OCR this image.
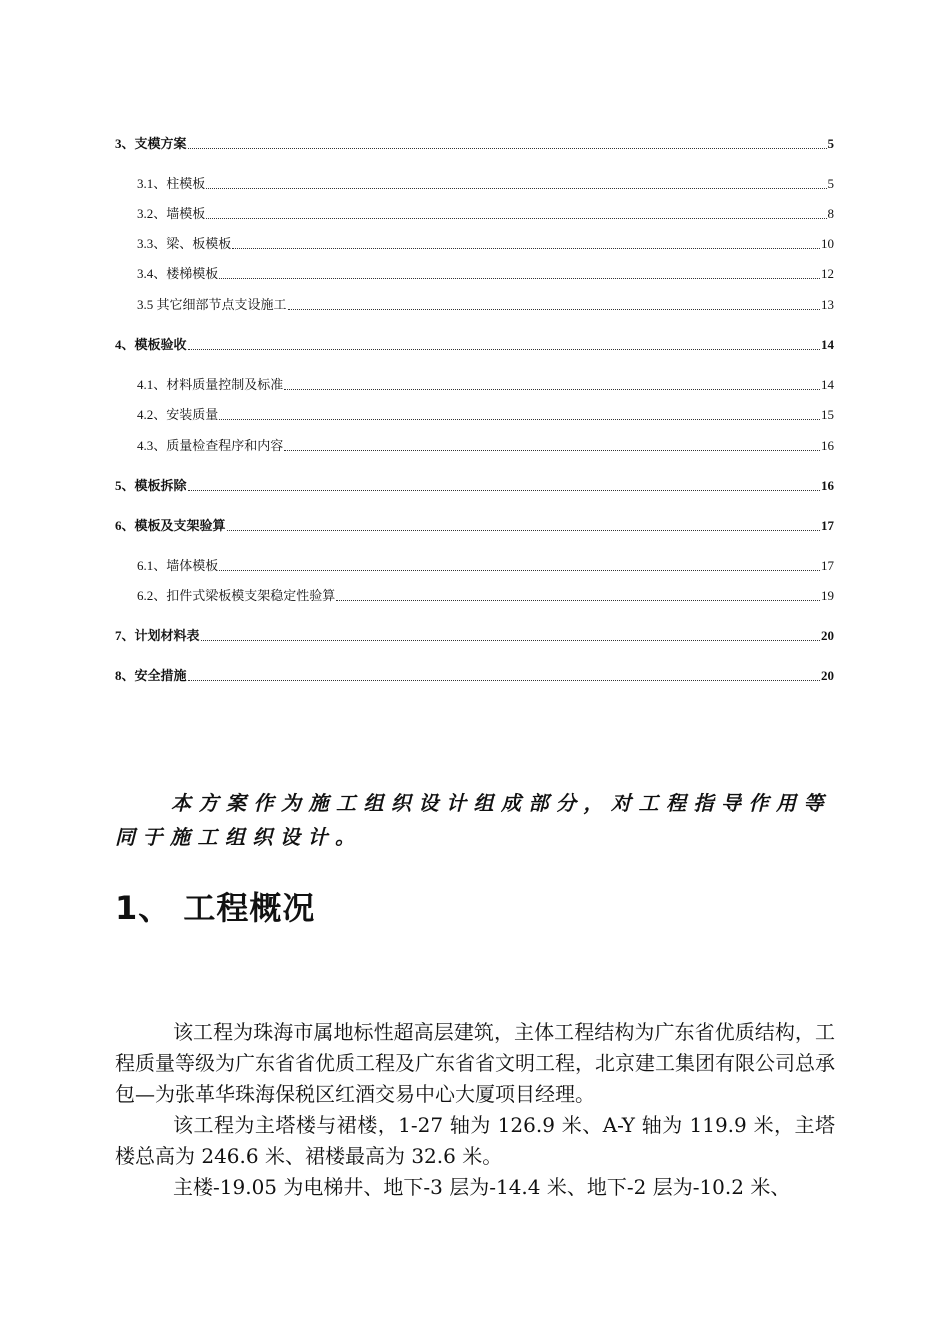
3、支模方案	5
3.1、柱模板	5
3.2、墙模板	8
3.3、梁、板模板	10
3.4、楼梯模板	12
3.5 其它细部节点支设施工	13
4、模板验收	14
4.1、材料质量控制及标准	14
4.2、安装质量	15
4.3、质量检查程序和内容	16
5、模板拆除	16
6、模板及支架验算	17
6.1、墙体模板	17
6.2、扣件式梁板模支架稳定性验算	19
7、计划材料表	20
8、安全措施	20
本方案作为施工组织设计组成部分，对工程指导作用等同于施工组织设计。
1、 工程概况

该工程为珠海市属地标性超高层建筑，主体工程结构为广东省优质结构，工程质量等级为广东省省优质工程及广东省省文明工程，北京建工集团有限公司总承包—为张革华珠海保税区红酒交易中心大厦项目经理。

该工程为主塔楼与裙楼，1-27 轴为 126.9 米、A-Y 轴为 119.9 米，主塔楼总高为 246.6 米、裙楼最高为 32.6 米。

主楼-19.05 为电梯井、地下-3 层为-14.4 米、地下-2 层为-10.2 米、
